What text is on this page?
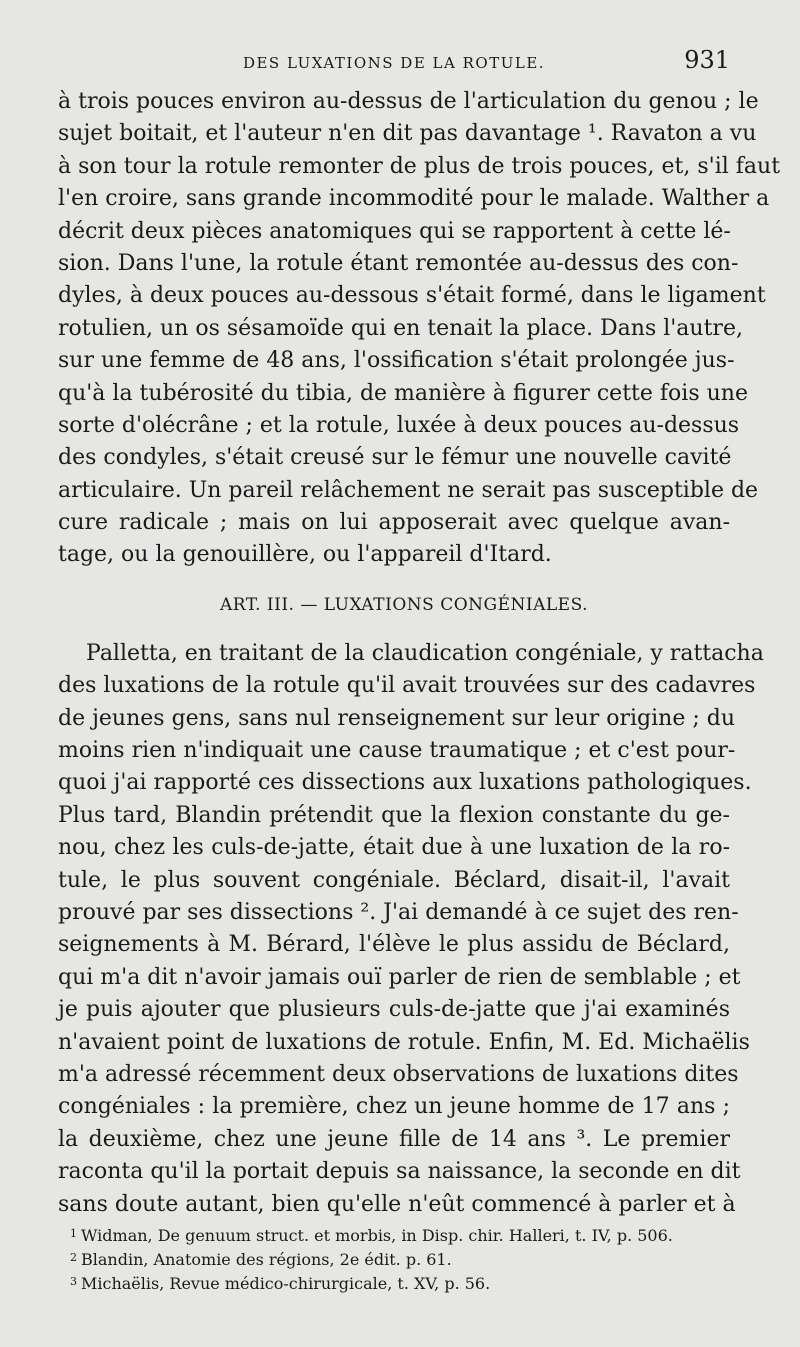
DES LUXATIONS DE LA ROTULE.	931
à trois pouces environ au-dessus de l'articulation du genou ; le
sujet boitait, et l'auteur n'en dit pas davantage ¹. Ravaton a vu
à son tour la rotule remonter de plus de trois pouces, et, s'il faut
l'en croire, sans grande incommodité pour le malade. Walther a
décrit deux pièces anatomiques qui se rapportent à cette lé-
sion. Dans l'une, la rotule étant remontée au-dessus des con-
dyles, à deux pouces au-dessous s'était formé, dans le ligament
rotulien, un os sésamoïde qui en tenait la place. Dans l'autre,
sur une femme de 48 ans, l'ossification s'était prolongée jus-
qu'à la tubérosité du tibia, de manière à figurer cette fois une
sorte d'olécrâne ; et la rotule, luxée à deux pouces au-dessus
des condyles, s'était creusé sur le fémur une nouvelle cavité
articulaire. Un pareil relâchement ne serait pas susceptible de
cure radicale ; mais on lui apposerait avec quelque avan-
tage, ou la genouillère, ou l'appareil d'Itard.
ART. III. — LUXATIONS CONGÉNIALES.
Palletta, en traitant de la claudication congéniale, y rattacha
des luxations de la rotule qu'il avait trouvées sur des cadavres
de jeunes gens, sans nul renseignement sur leur origine ; du
moins rien n'indiquait une cause traumatique ; et c'est pour-
quoi j'ai rapporté ces dissections aux luxations pathologiques.
Plus tard, Blandin prétendit que la flexion constante du ge-
nou, chez les culs-de-jatte, était due à une luxation de la ro-
tule, le plus souvent congéniale. Béclard, disait-il, l'avait
prouvé par ses dissections ². J'ai demandé à ce sujet des ren-
seignements à M. Bérard, l'élève le plus assidu de Béclard,
qui m'a dit n'avoir jamais ouï parler de rien de semblable ; et
je puis ajouter que plusieurs culs-de-jatte que j'ai examinés
n'avaient point de luxations de rotule. Enfin, M. Ed. Michaëlis
m'a adressé récemment deux observations de luxations dites
congéniales : la première, chez un jeune homme de 17 ans ;
la deuxième, chez une jeune fille de 14 ans ³. Le premier
raconta qu'il la portait depuis sa naissance, la seconde en dit
sans doute autant, bien qu'elle n'eût commencé à parler et à
$^1$ Widman, De genuum struct. et morbis, in Disp. chir. Halleri, t. IV, p. 506.
$^2$ Blandin, Anatomie des régions, 2e édit. p. 61.
$^3$ Michaëlis, Revue médico-chirurgicale, t. XV, p. 56.
